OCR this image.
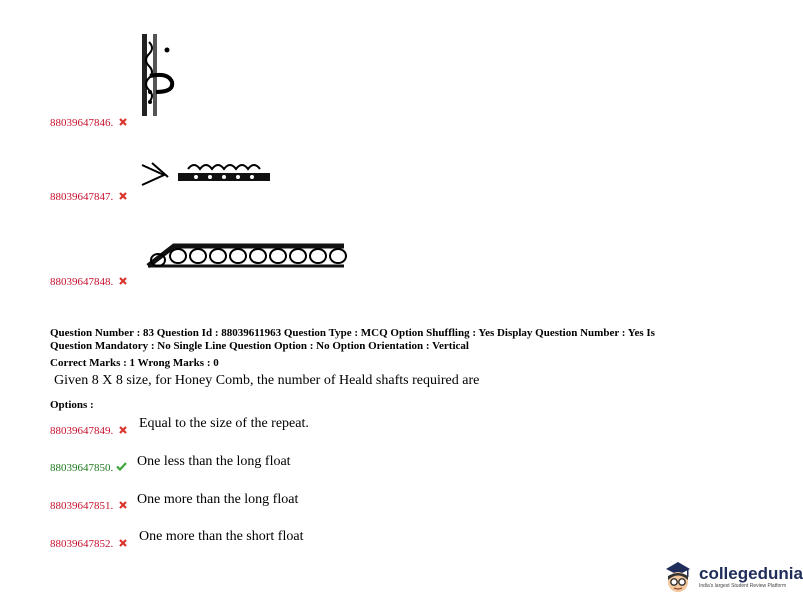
88039647846.
88039647847.
88039647848.
Question Number : 83 Question Id : 88039611963 Question Type : MCQ Option Shuffling : Yes Display Question Number : Yes Is
Question Mandatory : No Single Line Question Option : No Option Orientation : Vertical
Correct Marks : 1 Wrong Marks : 0
Given 8 X 8 size, for Honey Comb, the number of Heald shafts required are
Options :
88039647849.	Equal to the size of the repeat.
88039647850.	One less than the long float
88039647851.	One more than the long float
88039647852.	One more than the short float
collegedunia
India's largest Student Review Platform
